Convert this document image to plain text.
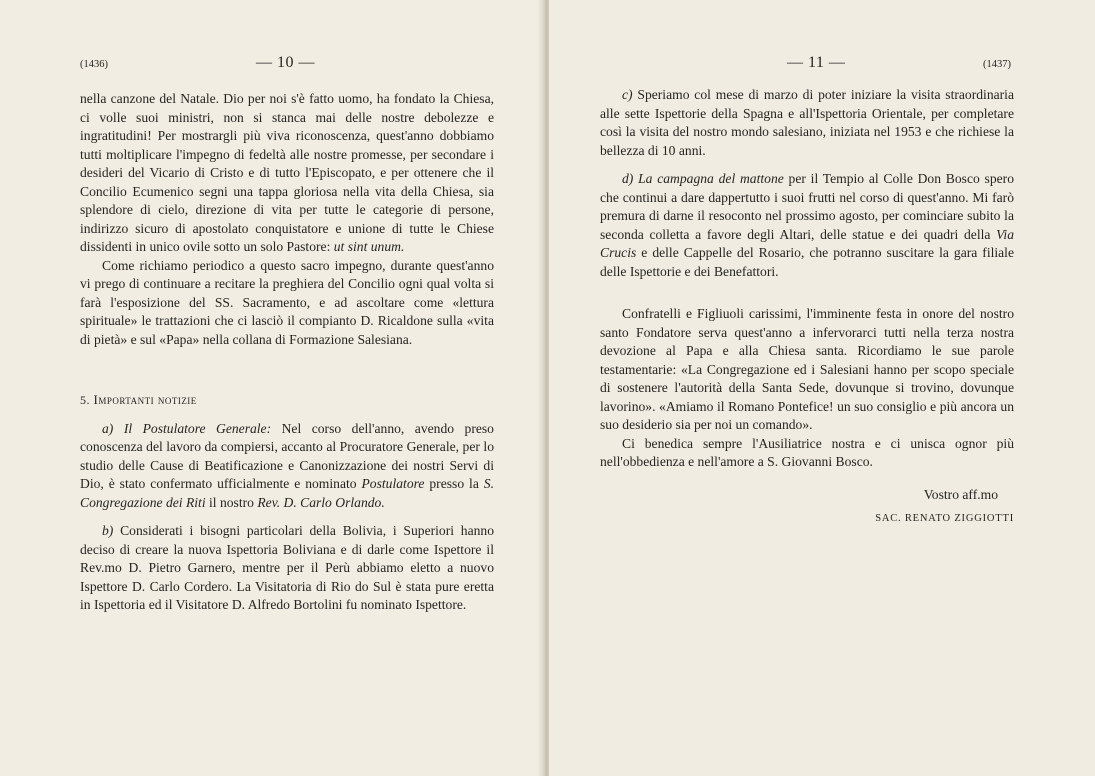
(1436)	— 10 —

nella canzone del Natale. Dio per noi s'è fatto uomo, ha fondato la Chiesa, ci volle suoi ministri, non si stanca mai delle nostre debolezze e ingratitudini! Per mostrargli più viva riconoscenza, quest'anno dobbiamo tutti moltiplicare l'impegno di fedeltà alle nostre promesse, per secondare i desideri del Vicario di Cristo e di tutto l'Episcopato, e per ottenere che il Concilio Ecumenico segni una tappa gloriosa nella vita della Chiesa, sia splendore di cielo, direzione di vita per tutte le categorie di persone, indirizzo sicuro di apostolato conquistatore e unione di tutte le Chiese dissidenti in unico ovile sotto un solo Pastore: ut sint unum.

Come richiamo periodico a questo sacro impegno, durante quest'anno vi prego di continuare a recitare la preghiera del Concilio ogni qual volta si farà l'esposizione del SS. Sacramento, e ad ascoltare come «lettura spirituale» le trattazioni che ci lasciò il compianto D. Ricaldone sulla «vita di pietà» e sul «Papa» nella collana di Formazione Salesiana.

5. Importanti notizie

a) Il Postulatore Generale: Nel corso dell'anno, avendo preso conoscenza del lavoro da compiersi, accanto al Procuratore Generale, per lo studio delle Cause di Beatificazione e Canonizzazione dei nostri Servi di Dio, è stato confermato ufficialmente e nominato Postulatore presso la S. Congregazione dei Riti il nostro Rev. D. Carlo Orlando.

b) Considerati i bisogni particolari della Bolivia, i Superiori hanno deciso di creare la nuova Ispettoria Boliviana e di darle come Ispettore il Rev.mo D. Pietro Garnero, mentre per il Perù abbiamo eletto a nuovo Ispettore D. Carlo Cordero. La Visitatoria di Rio do Sul è stata pure eretta in Ispettoria ed il Visitatore D. Alfredo Bortolini fu nominato Ispettore.

— 11 —	(1437)

c) Speriamo col mese di marzo di poter iniziare la visita straordinaria alle sette Ispettorie della Spagna e all'Ispettoria Orientale, per completare così la visita del nostro mondo salesiano, iniziata nel 1953 e che richiese la bellezza di 10 anni.

d) La campagna del mattone per il Tempio al Colle Don Bosco spero che continui a dare dappertutto i suoi frutti nel corso di quest'anno. Mi farò premura di darne il resoconto nel prossimo agosto, per cominciare subito la seconda colletta a favore degli Altari, delle statue e dei quadri della Via Crucis e delle Cappelle del Rosario, che potranno suscitare la gara filiale delle Ispettorie e dei Benefattori.

Confratelli e Figliuoli carissimi, l'imminente festa in onore del nostro santo Fondatore serva quest'anno a infervorarci tutti nella terza nostra devozione al Papa e alla Chiesa santa. Ricordiamo le sue parole testamentarie: «La Congregazione ed i Salesiani hanno per scopo speciale di sostenere l'autorità della Santa Sede, dovunque si trovino, dovunque lavorino». «Amiamo il Romano Pontefice! un suo consiglio e più ancora un suo desiderio sia per noi un comando».

Ci benedica sempre l'Ausiliatrice nostra e ci unisca ognor più nell'obbedienza e nell'amore a S. Giovanni Bosco.

Vostro aff.mo

SAC. RENATO ZIGGIOTTI
